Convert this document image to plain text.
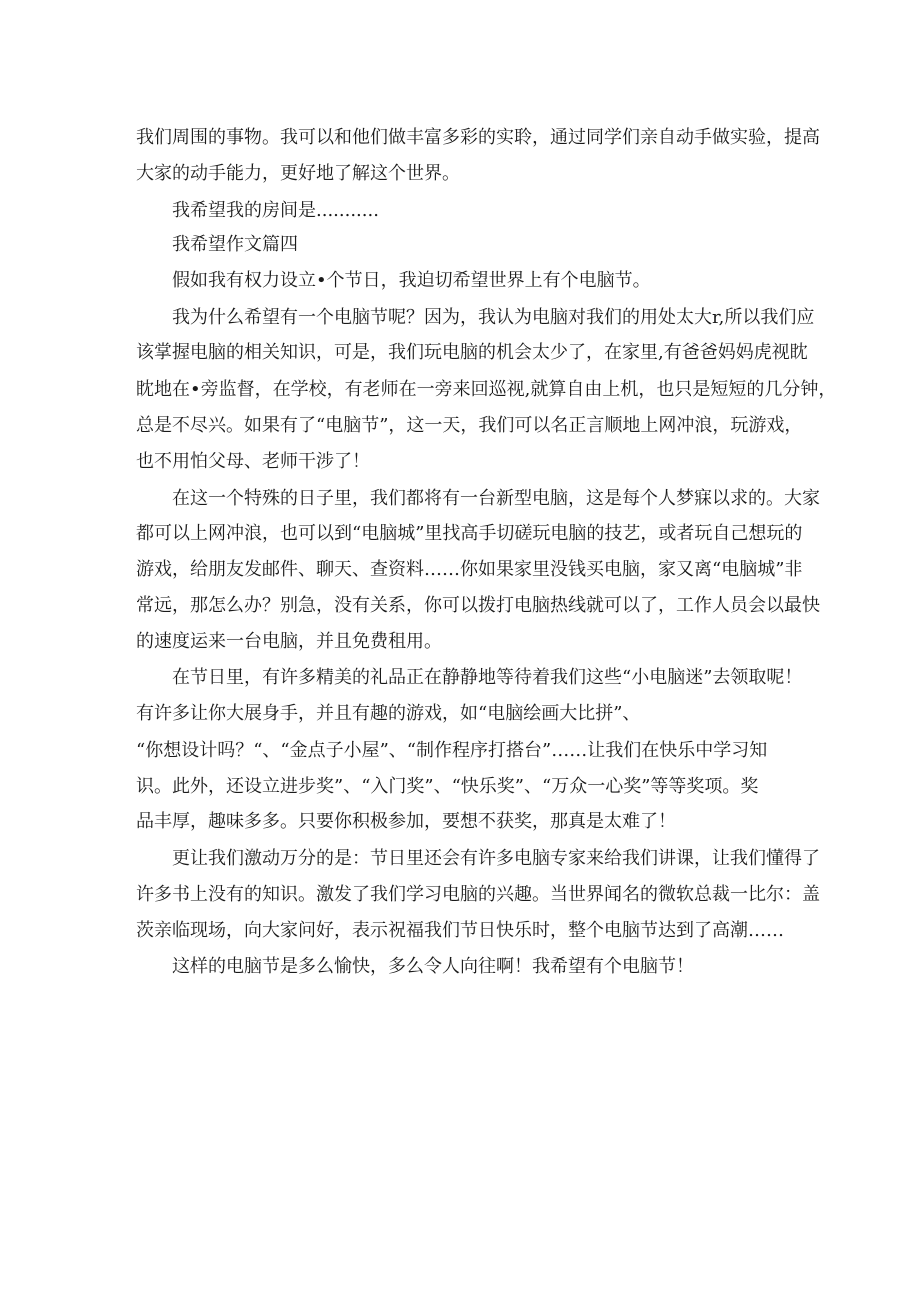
我们周围的事物。我可以和他们做丰富多彩的实聆，通过同学们亲自动手做实验，提高
大家的动手能力，更好地了解这个世界。
我希望我的房间是...........
我希望作文篇四
假如我有权力设立•个节日，我迫切希望世界上有个电脑节。
我为什么希望有一个电脑节呢？因为，我认为电脑对我们的用处太大r,所以我们应
该掌握电脑的相关知识，可是，我们玩电脑的机会太少了，在家里,有爸爸妈妈虎视眈
眈地在•旁监督，在学校，有老师在一旁来回巡视,就算自由上机，也只是短短的几分钟，
总是不尽兴。如果有了“电脑节”，这一天，我们可以名正言顺地上网冲浪，玩游戏，
也不用怕父母、老师干涉了！
在这一个特殊的日子里，我们都将有一台新型电脑，这是每个人梦寐以求的。大家
都可以上网冲浪，也可以到“电脑城”里找高手切磋玩电脑的技艺，或者玩自己想玩的
游戏，给朋友发邮件、聊天、查资料……你如果家里没钱买电脑，家又离“电脑城”非
常远，那怎么办？别急，没有关系，你可以拨打电脑热线就可以了，工作人员会以最快
的速度运来一台电脑，并且免费租用。
在节日里，有许多精美的礼品正在静静地等待着我们这些“小电脑迷”去领取呢！
有许多让你大展身手，并且有趣的游戏，如“电脑绘画大比拼”、
“你想设计吗？“、“金点子小屋”、“制作程序打搭台”……让我们在快乐中学习知
识。此外，还设立进步奖”、“入门奖”、“快乐奖”、“万众一心奖”等等奖项。奖
品丰厚，趣味多多。只要你积极参加，要想不获奖，那真是太难了！
更让我们激动万分的是：节日里还会有许多电脑专家来给我们讲课，让我们懂得了
许多书上没有的知识。激发了我们学习电脑的兴趣。当世界闻名的微软总裁一比尔：盖
茨亲临现场，向大家问好，表示祝福我们节日快乐时，整个电脑节达到了高潮……
这样的电脑节是多么愉快，多么令人向往啊！我希望有个电脑节！
